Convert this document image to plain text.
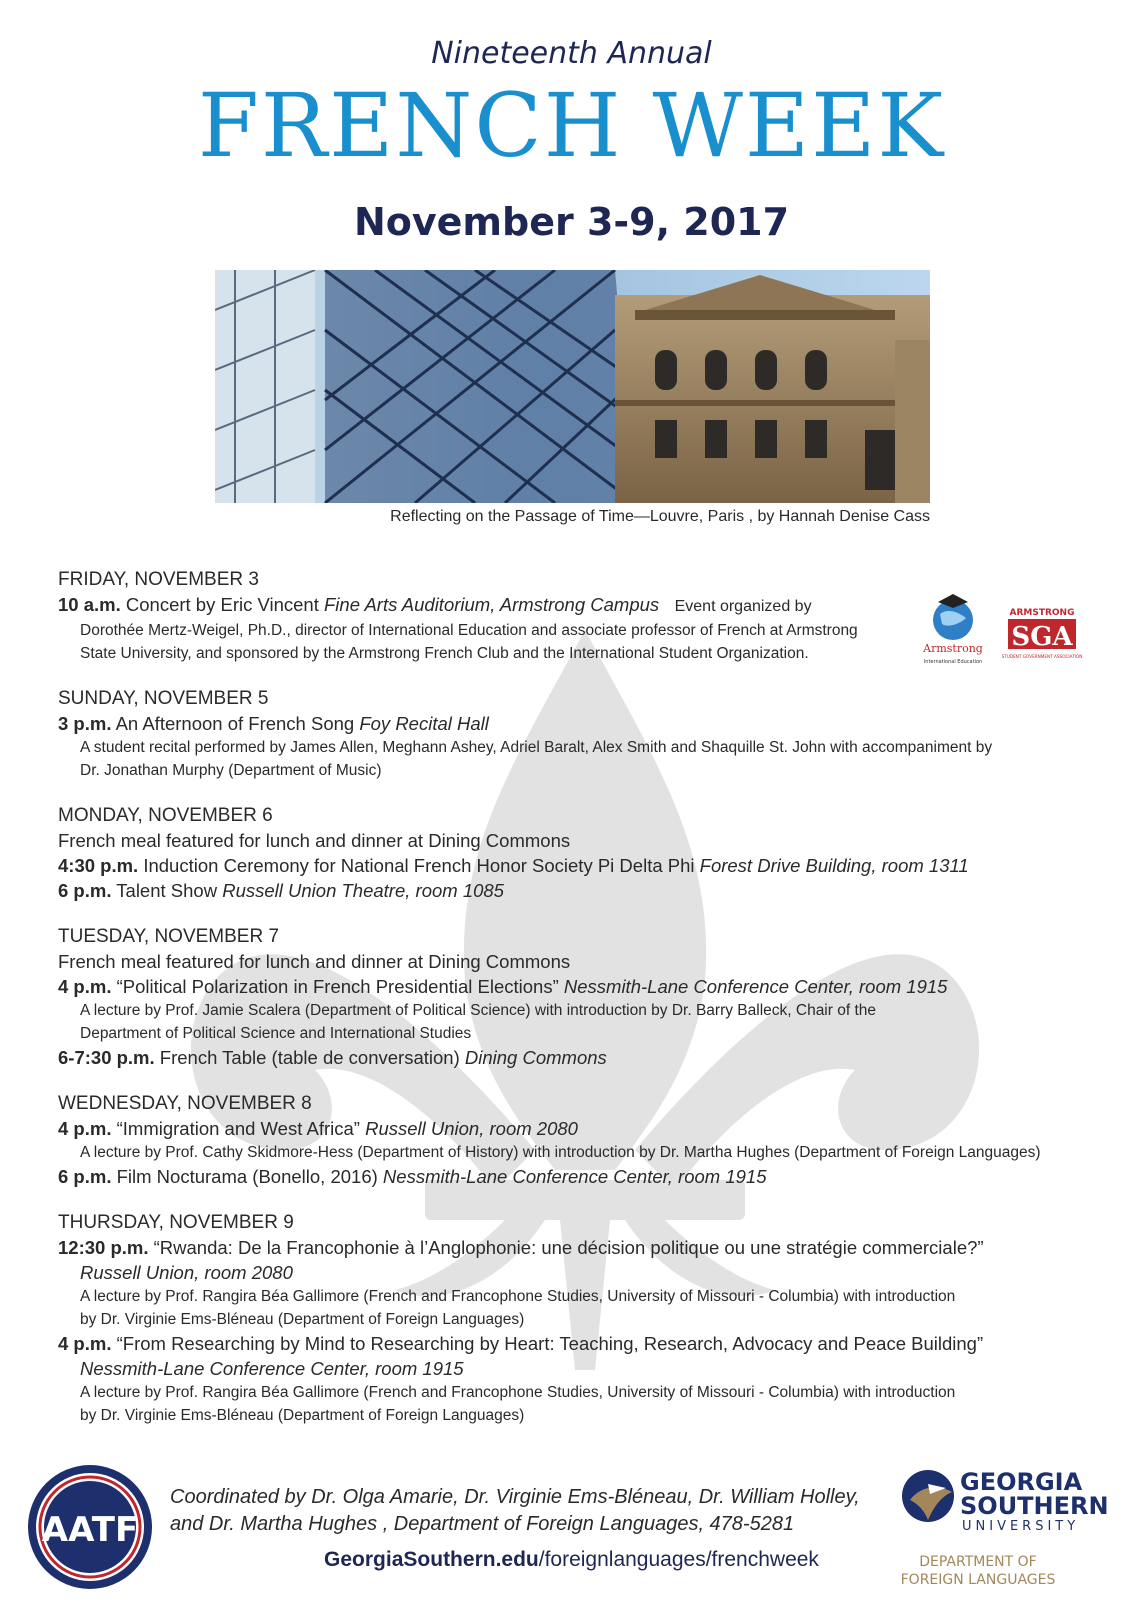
Nineteenth Annual
FRENCH WEEK
November 3-9, 2017
Reflecting on the Passage of Time—Louvre, Paris , by Hannah Denise Cass
Armstrong
International Education
ARMSTRONG
SGA
STUDENT GOVERNMENT ASSOCIATION
FRIDAY, NOVEMBER 3
10 a.m. Concert by Eric Vincent Fine Arts Auditorium, Armstrong Campus Event organized by
Dorothée Mertz-Weigel, Ph.D., director of International Education and associate professor of French at Armstrong
State University, and sponsored by the Armstrong French Club and the International Student Organization.
SUNDAY, NOVEMBER 5
3 p.m. An Afternoon of French Song Foy Recital Hall
A student recital performed by James Allen, Meghann Ashey, Adriel Baralt, Alex Smith and Shaquille St. John with accompaniment by
Dr. Jonathan Murphy (Department of Music)
MONDAY, NOVEMBER 6
French meal featured for lunch and dinner at Dining Commons
4:30 p.m. Induction Ceremony for National French Honor Society Pi Delta Phi Forest Drive Building, room 1311
6 p.m. Talent Show Russell Union Theatre, room 1085
TUESDAY, NOVEMBER 7
French meal featured for lunch and dinner at Dining Commons
4 p.m. “Political Polarization in French Presidential Elections” Nessmith-Lane Conference Center, room 1915
A lecture by Prof. Jamie Scalera (Department of Political Science) with introduction by Dr. Barry Balleck, Chair of the
Department of Political Science and International Studies
6-7:30 p.m. French Table (table de conversation) Dining Commons
WEDNESDAY, NOVEMBER 8
4 p.m. “Immigration and West Africa” Russell Union, room 2080
A lecture by Prof. Cathy Skidmore-Hess (Department of History) with introduction by Dr. Martha Hughes (Department of Foreign Languages)
6 p.m. Film Nocturama (Bonello, 2016) Nessmith-Lane Conference Center, room 1915
THURSDAY, NOVEMBER 9
12:30 p.m. “Rwanda: De la Francophonie à l’Anglophonie: une décision politique ou une stratégie commerciale?”
Russell Union, room 2080
A lecture by Prof. Rangira Béa Gallimore (French and Francophone Studies, University of Missouri - Columbia) with introduction
by Dr. Virginie Ems-Bléneau (Department of Foreign Languages)
4 p.m. “From Researching by Mind to Researching by Heart: Teaching, Research, Advocacy and Peace Building”
Nessmith-Lane Conference Center, room 1915
A lecture by Prof. Rangira Béa Gallimore (French and Francophone Studies, University of Missouri - Columbia) with introduction
by Dr. Virginie Ems-Bléneau (Department of Foreign Languages)
AATF
Coordinated by Dr. Olga Amarie, Dr. Virginie Ems-Bléneau, Dr. William Holley,
and Dr. Martha Hughes , Department of Foreign Languages, 478-5281
GeorgiaSouthern.edu/foreignlanguages/frenchweek
GEORGIA
SOUTHERN
UNIVERSITY
DEPARTMENT OF
FOREIGN LANGUAGES
